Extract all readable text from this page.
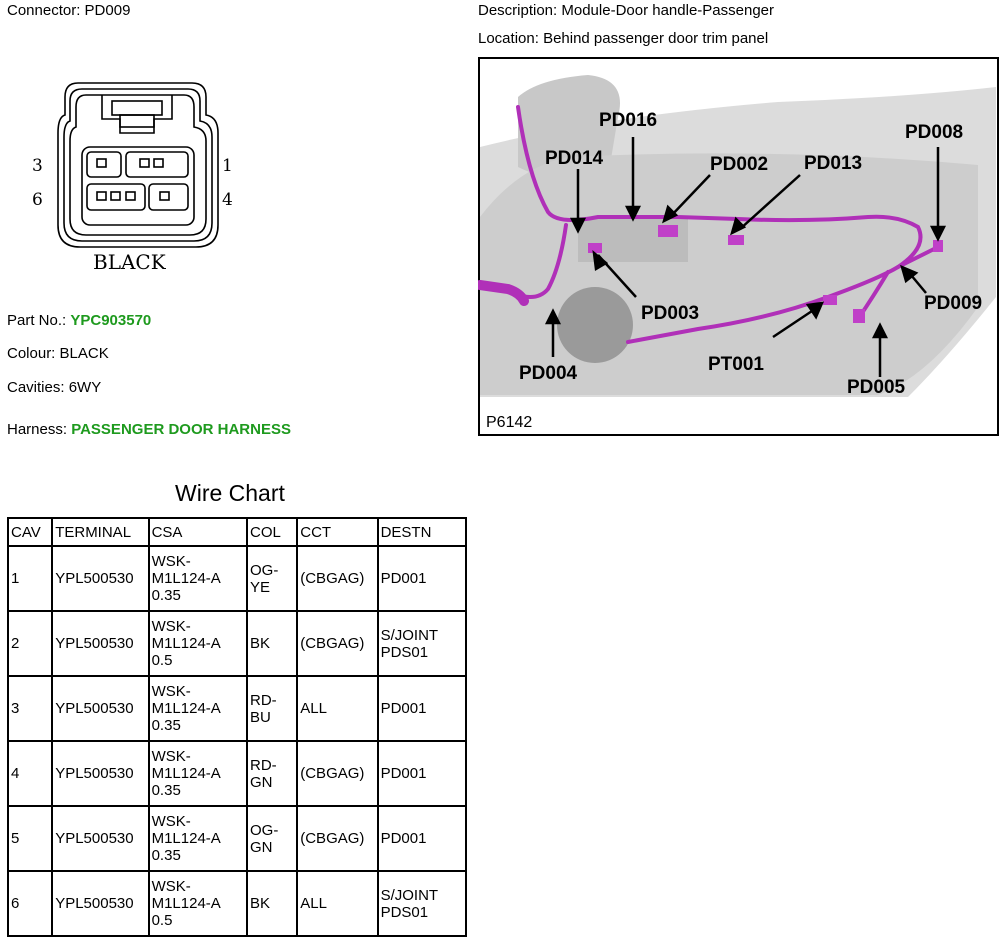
Connector: PD009	Description: Module-Door handle-Passenger
Location: Behind passenger door trim panel
3	1
6	4
BLACK
Part No.: YPC903570
Colour: BLACK
Cavities: 6WY
Harness: PASSENGER DOOR HARNESS
PD016
PD014	PD002 PD013
PD008
PD003	PD009
PD004	PT001
PD005
P6142
Wire Chart
CAV	TERMINAL	CSA	COL	CCT	DESTN
1	YPL500530	WSK-
M1L124-A
0.35	OG-
YE	(CBGAG)	PD001
2	YPL500530	WSK-
M1L124-A
0.5	BK	(CBGAG)	S/JOINT
PDS01
3	YPL500530	WSK-
M1L124-A
0.35	RD-
BU	ALL	PD001
4	YPL500530	WSK-
M1L124-A
0.35	RD-
GN	(CBGAG)	PD001
5	YPL500530	WSK-
M1L124-A
0.35	OG-
GN	(CBGAG)	PD001
6	YPL500530	WSK-
M1L124-A
0.5	BK	ALL	S/JOINT
PDS01
